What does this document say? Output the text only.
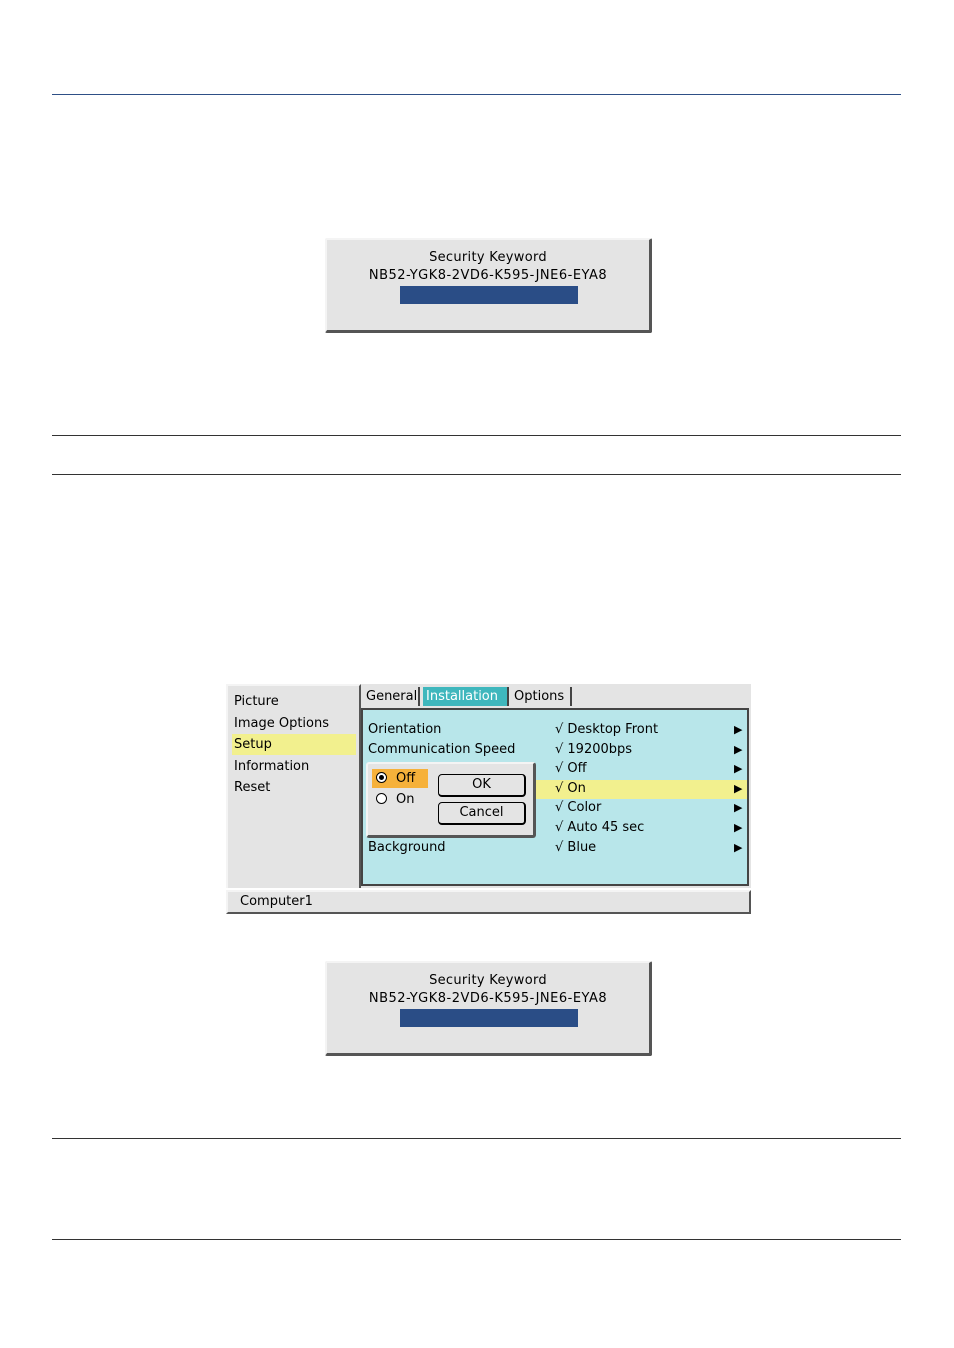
Security Keyword
NB52-YGK8-2VD6-K595-JNE6-EYA8
Picture
Image Options
Setup
Information
Reset
General Installation	Options
Orientation	√ Desktop Front	▶
Communication Speed	√ 19200bps	▶
√ Off	▶
√ On	▶
√ Color	▶
√ Auto 45 sec	▶
Background	√ Blue	▶
Off
On
OK
Cancel
Computer1
Security Keyword
NB52-YGK8-2VD6-K595-JNE6-EYA8
